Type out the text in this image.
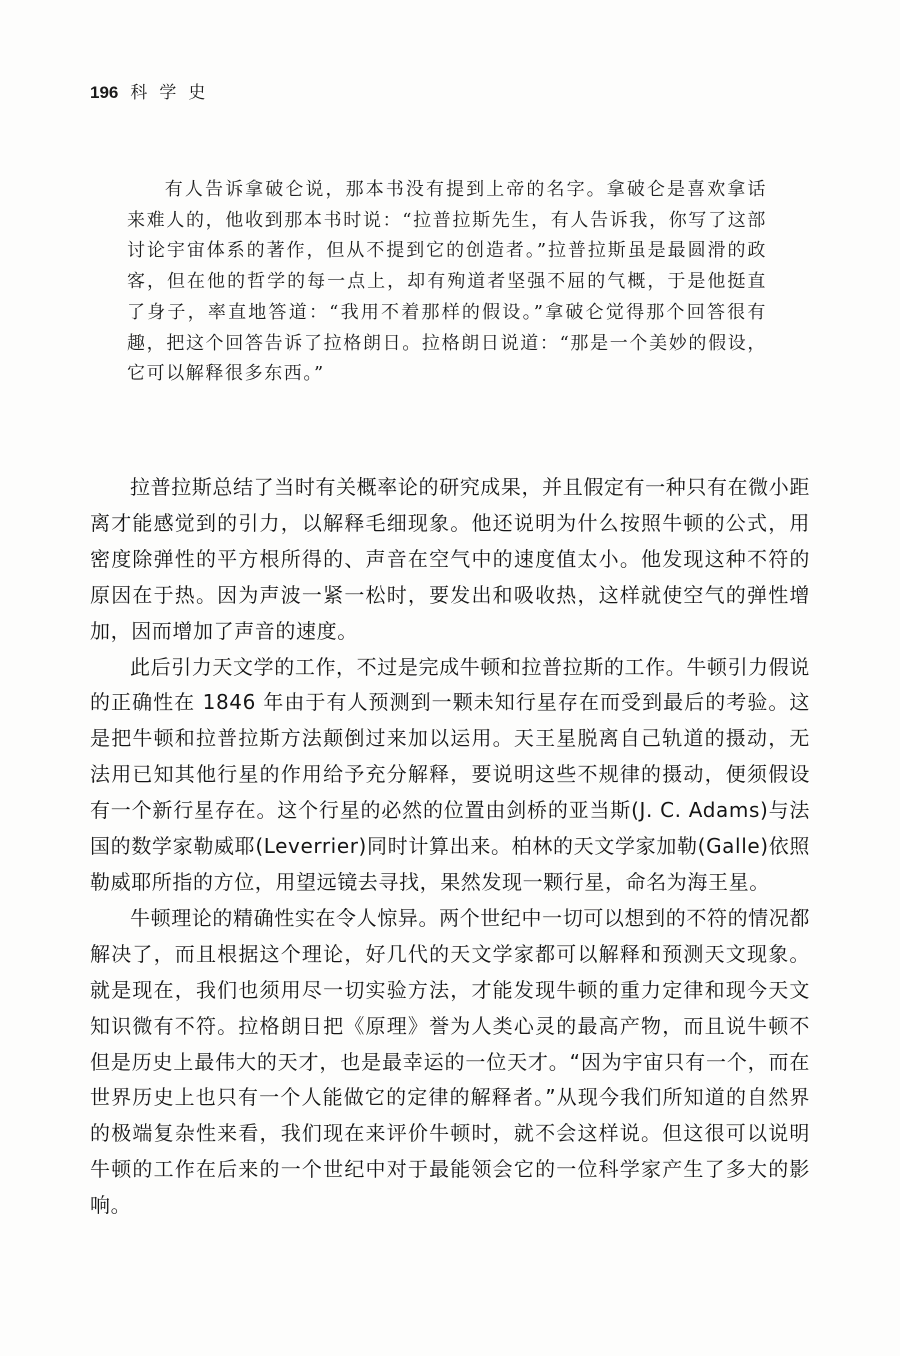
196 科学史
有人告诉拿破仑说，那本书没有提到上帝的名字。拿破仑是喜欢拿话来难人的，他收到那本书时说：“拉普拉斯先生，有人告诉我，你写了这部讨论宇宙体系的著作，但从不提到它的创造者。”拉普拉斯虽是最圆滑的政客，但在他的哲学的每一点上，却有殉道者坚强不屈的气概，于是他挺直了身子，率直地答道：“我用不着那样的假设。”拿破仑觉得那个回答很有趣，把这个回答告诉了拉格朗日。拉格朗日说道：“那是一个美妙的假设，它可以解释很多东西。”

拉普拉斯总结了当时有关概率论的研究成果，并且假定有一种只有在微小距离才能感觉到的引力，以解释毛细现象。他还说明为什么按照牛顿的公式，用密度除弹性的平方根所得的、声音在空气中的速度值太小。他发现这种不符的原因在于热。因为声波一紧一松时，要发出和吸收热，这样就使空气的弹性增加，因而增加了声音的速度。

此后引力天文学的工作，不过是完成牛顿和拉普拉斯的工作。牛顿引力假说的正确性在 1846 年由于有人预测到一颗未知行星存在而受到最后的考验。这是把牛顿和拉普拉斯方法颠倒过来加以运用。天王星脱离自己轨道的摄动，无法用已知其他行星的作用给予充分解释，要说明这些不规律的摄动，便须假设有一个新行星存在。这个行星的必然的位置由剑桥的亚当斯(J. C. Adams)与法国的数学家勒威耶(Leverrier)同时计算出来。柏林的天文学家加勒(Galle)依照勒威耶所指的方位，用望远镜去寻找，果然发现一颗行星，命名为海王星。

牛顿理论的精确性实在令人惊异。两个世纪中一切可以想到的不符的情况都解决了，而且根据这个理论，好几代的天文学家都可以解释和预测天文现象。就是现在，我们也须用尽一切实验方法，才能发现牛顿的重力定律和现今天文知识微有不符。拉格朗日把《原理》誉为人类心灵的最高产物，而且说牛顿不但是历史上最伟大的天才，也是最幸运的一位天才。“因为宇宙只有一个，而在世界历史上也只有一个人能做它的定律的解释者。”从现今我们所知道的自然界的极端复杂性来看，我们现在来评价牛顿时，就不会这样说。但这很可以说明牛顿的工作在后来的一个世纪中对于最能领会它的一位科学家产生了多大的影响。
